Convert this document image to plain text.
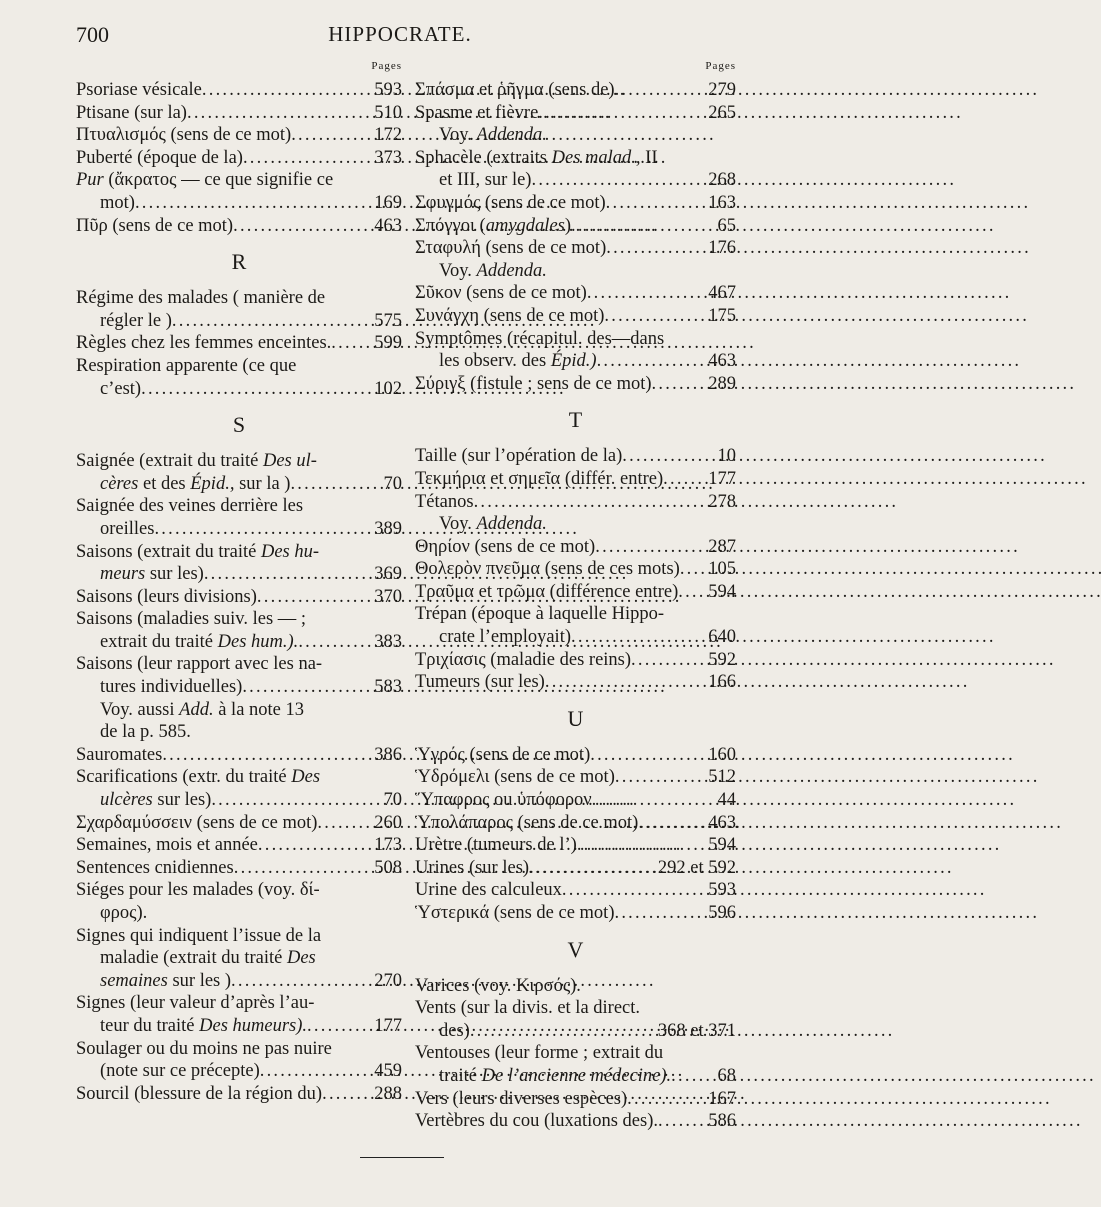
700	HIPPOCRATE.
Pages
Psoriase vésicale . . .	593
Ptisane (sur la) . . .	510
Πτυαλισμός (sens de ce mot) . . .	172
Puberté (époque de la) . . .	373
Pur (ἄκρατος — ce que signifie ce
mot) . . .	169
Πῦρ (sens de ce mot) . . .	463
R
Régime des malades ( manière de
régler le ) . . .	575
Règles chez les femmes enceintes. . . . 599
Respiration apparente (ce que
c’est) . . .	102
S
Saignée (extrait du traité Des ul-
cères et des Épid., sur la ) . . .	70
Saignée des veines derrière les
oreilles . . .	389
Saisons (extrait du traité Des hu-
meurs sur les) . . .	369
Saisons (leurs divisions) . . .	370
Saisons (maladies suiv. les — ;
extrait du traité Des hum.). . . .	383
Saisons (leur rapport avec les na-
tures individuelles) . . .	583
Voy. aussi Add. à la note 13
de la p. 585.
Sauromates . . .	386
Scarifications (extr. du traité Des
ulcères sur les) . . .	70
Σχαρδαμύσσειν (sens de ce mot) . . .	260
Semaines, mois et année . . .	173
Sentences cnidiennes . . .	508
Siéges pour les malades (voy. δί-
φρος).
Signes qui indiquent l’issue de la
maladie (extrait du traité Des
semaines sur les ) . . .	270
Signes (leur valeur d’après l’au-
teur du traité Des humeurs). . . .	177
Soulager ou du moins ne pas nuire
(note sur ce précepte) . . .	459
Sourcil (blessure de la région du) . . .	288
Pages
Σπάσμα et ῥῆγμα (sens de) . . .	279
Spasme et fièvre . . .	265
Voy. Addenda.
Sphacèle (extraits Des malad., II
et III, sur le) . . .	268
Σφυγμός (sens de ce mot) . . .	163
Σπόγγοι (amygdales) . . .	65
Σταφυλή (sens de ce mot) . . .	176
Voy. Addenda.
Σῦκον (sens de ce mot) . . .	467
Συνάγχη (sens de ce mot) . . .	175
Symptômes (récapitul. des—dans
les observ. des Épid.) . . .	463
Σύριγξ (fistule ; sens de ce mot) . . .	289
T
Taille (sur l’opération de la) . . .	10
Τεκμήρια et σημεῖα (différ. entre) . . . 177
Tétanos . . .	278
Voy. Addenda.
Θηρίον (sens de ce mot) . . .	287
Θολερὸν πνεῦμα (sens de ces mots) . . . 105
Τραῦμα et τρῶμα (différence entre) . . . 594
Trépan (époque à laquelle Hippo-
crate l’employait) . . .	640
Τριχίασις (maladie des reins) . . .	592
Tumeurs (sur les) . . .	166
U
Ὑγρός (sens de ce mot) . . .	160
Ὑδρόμελι (sens de ce mot) . . .	512
Ὕπαφρος ou ὑπόφορον . . .	44
Ὑπολάπαρος (sens de ce mot) . . .	463
Urètre (tumeurs de l’) . . .	594
Urines (sur les) . . .	292 et 592
Urine des calculeux . . .	593
Ὑστερικά (sens de ce mot) . . .	596
V
Varices (voy. Κιρσός).
Vents (sur la divis. et la direct.
des) . . .	368 et 371
Ventouses (leur forme ; extrait du
traité De l’ancienne médecine). . . .	68
Vers (leurs diverses espèces) . . .	167
Vertèbres du cou (luxations des). . . .	586
